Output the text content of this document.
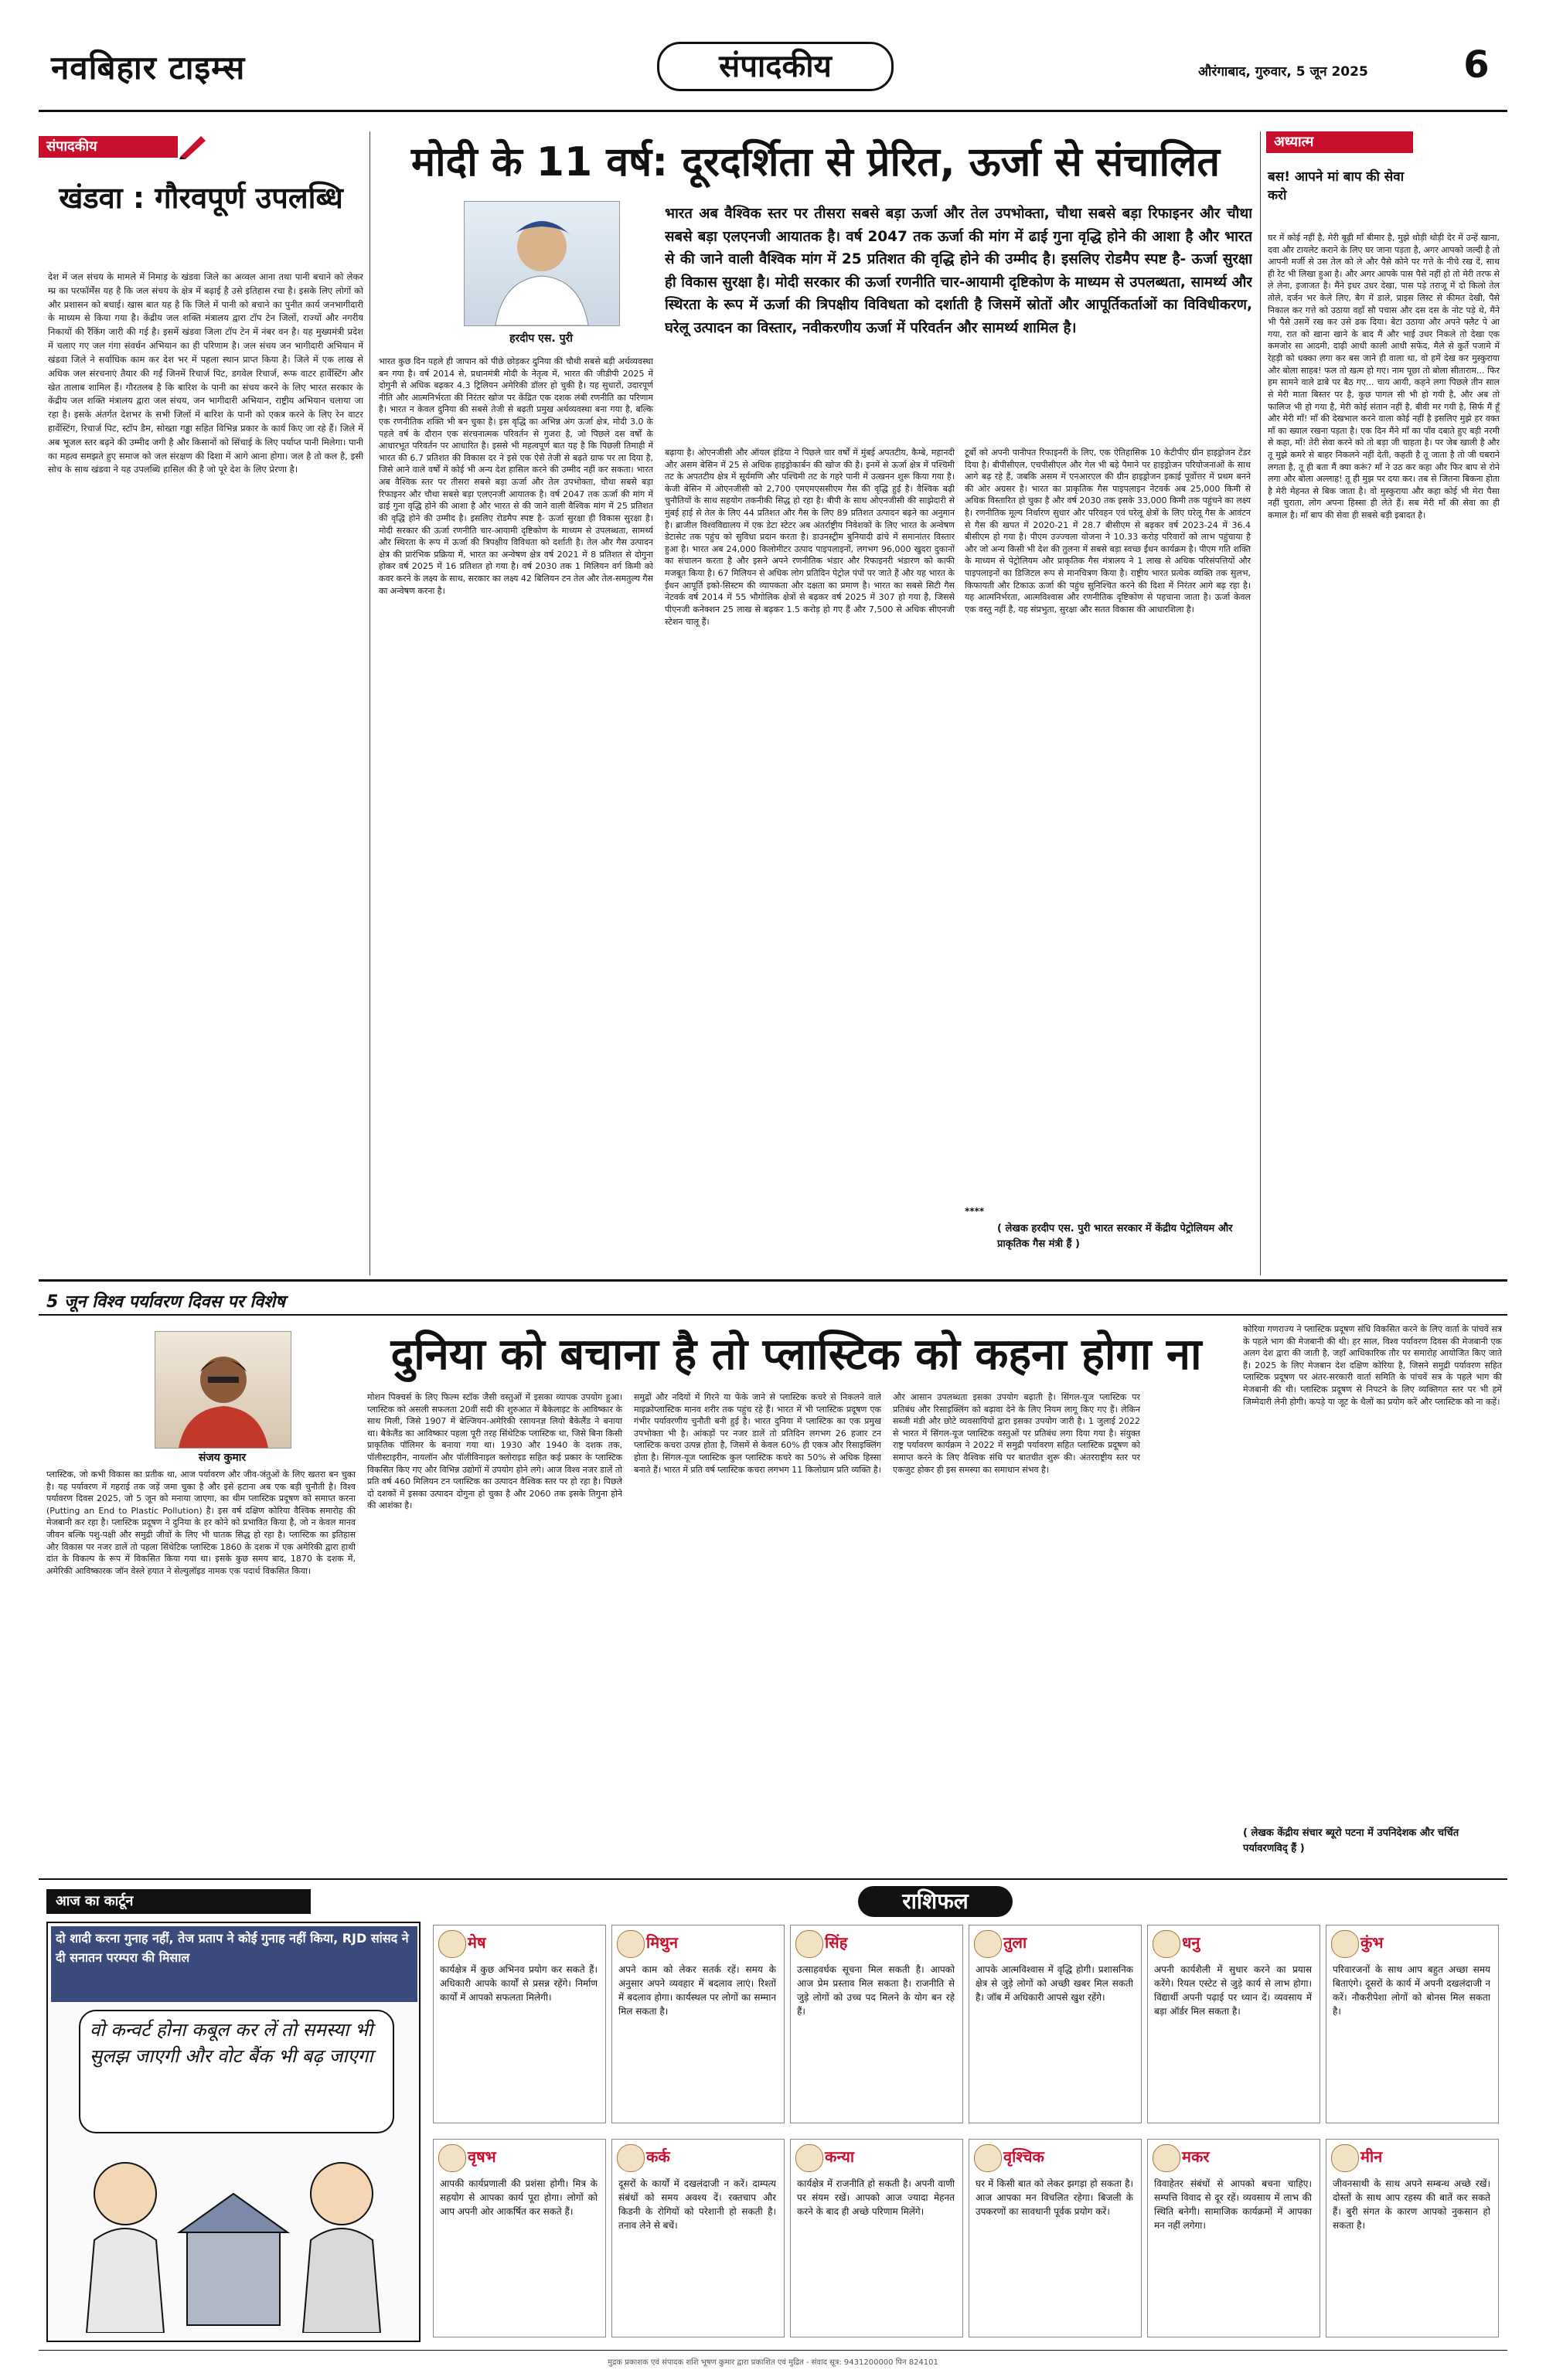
नवबिहार टाइम्स	संपादकीय	औरंगाबाद, गुरुवार, 5 जून 2025	6
संपादकीय
खंडवा : गौरवपूर्ण उपलब्धि
देश में जल संचय के मामले में निमाड़ के खंडवा जिले का अव्वल आना तथा पानी बचाने को लेकर म्प्र का परफॉर्मेंस यह है कि जल संचय के क्षेत्र में बढ़ाई है उसे इतिहास रचा है। इसके लिए लोगों को और प्रशासन को बधाई। खास बात यह है कि जिले में पानी को बचाने का पुनीत कार्य जनभागीदारी के माध्यम से किया गया है। केंद्रीय जल शक्ति मंत्रालय द्वारा टॉप टेन जिलों, राज्यों और नगरीय निकायों की रैंकिंग जारी की गई है। इसमें खंडवा जिला टॉप टेन में नंबर वन है। यह मुख्यमंत्री प्रदेश में चलाए गए जल गंगा संवर्धन अभियान का ही परिणाम है। जल संचय जन भागीदारी अभियान में खंडवा जिले ने सर्वाधिक काम कर देश भर में पहला स्थान प्राप्त किया है। जिले में एक लाख से अधिक जल संरचनाएं तैयार की गईं जिनमें रिचार्ज पिट, डगवेल रिचार्ज, रूफ वाटर हार्वेस्टिंग और खेत तालाब शामिल हैं। गौरतलब है कि बारिश के पानी का संचय करने के लिए भारत सरकार के केंद्रीय जल शक्ति मंत्रालय द्वारा जल संचय, जन भागीदारी अभियान, राष्ट्रीय अभियान चलाया जा रहा है। इसके अंतर्गत देशभर के सभी जिलों में बारिश के पानी को एकत्र करने के लिए रेन वाटर हार्वेस्टिंग, रिचार्ज पिट, स्टॉप डैम, सोख्ता गड्ढा सहित विभिन्न प्रकार के कार्य किए जा रहे हैं। जिले में अब भूजल स्तर बढ़ने की उम्मीद जगी है और किसानों को सिंचाई के लिए पर्याप्त पानी मिलेगा। पानी का महत्व समझते हुए समाज को जल संरक्षण की दिशा में आगे आना होगा। जल है तो कल है, इसी सोच के साथ खंडवा ने यह उपलब्धि हासिल की है जो पूरे देश के लिए प्रेरणा है।
मोदी के 11 वर्ष: दूरदर्शिता से प्रेरित, ऊर्जा से संचालित
हरदीप एस. पुरी
भारत अब वैश्विक स्तर पर तीसरा सबसे बड़ा ऊर्जा और तेल उपभोक्ता, चौथा सबसे बड़ा रिफाइनर और चौथा सबसे बड़ा एलएनजी आयातक है। वर्ष 2047 तक ऊर्जा की मांग में ढाई गुना वृद्धि होने की आशा है और भारत से की जाने वाली वैश्विक मांग में 25 प्रतिशत की वृद्धि होने की उम्मीद है। इसलिए रोडमैप स्पष्ट है- ऊर्जा सुरक्षा ही विकास सुरक्षा है। मोदी सरकार की ऊर्जा रणनीति चार-आयामी दृष्टिकोण के माध्यम से उपलब्धता, सामर्थ्य और स्थिरता के रूप में ऊर्जा की त्रिपक्षीय विविधता को दर्शाती है जिसमें स्रोतों और आपूर्तिकर्ताओं का विविधीकरण, घरेलू उत्पादन का विस्तार, नवीकरणीय ऊर्जा में परिवर्तन और सामर्थ्य शामिल है।
भारत कुछ दिन पहले ही जापान को पीछे छोड़कर दुनिया की चौथी सबसे बड़ी अर्थव्यवस्था बन गया है। वर्ष 2014 से, प्रधानमंत्री मोदी के नेतृत्व में, भारत की जीडीपी 2025 में दोगुनी से अधिक बढ़कर 4.3 ट्रिलियन अमेरिकी डॉलर हो चुकी है। यह सुधारों, उदारपूर्ण नीति और आत्मनिर्भरता की निरंतर खोज पर केंद्रित एक दशक लंबी रणनीति का परिणाम है। भारत न केवल दुनिया की सबसे तेजी से बढ़ती प्रमुख अर्थव्यवस्था बना गया है, बल्कि एक रणनीतिक शक्ति भी बन चुका है। इस वृद्धि का अभिन्न अंग ऊर्जा क्षेत्र, मोदी 3.0 के पहले वर्ष के दौरान एक संरचनात्मक परिवर्तन से गुजरा है, जो पिछले दस वर्षों के आधारभूत परिवर्तन पर आधारित है। इससे भी महत्वपूर्ण बात यह है कि पिछली तिमाही में भारत की 6.7 प्रतिशत की विकास दर ने इसे एक ऐसे तेजी से बढ़ते ग्राफ पर ला दिया है, जिसे आने वाले वर्षों में कोई भी अन्य देश हासिल करने की उम्मीद नहीं कर सकता। भारत अब वैश्विक स्तर पर तीसरा सबसे बड़ा ऊर्जा और तेल उपभोक्ता, चौथा सबसे बड़ा रिफाइनर और चौथा सबसे बड़ा एलएनजी आयातक है। वर्ष 2047 तक ऊर्जा की मांग में ढाई गुना वृद्धि होने की आशा है और भारत से की जाने वाली वैश्विक मांग में 25 प्रतिशत की वृद्धि होने की उम्मीद है। इसलिए रोडमैप स्पष्ट है- ऊर्जा सुरक्षा ही विकास सुरक्षा है। मोदी सरकार की ऊर्जा रणनीति चार-आयामी दृष्टिकोण के माध्यम से उपलब्धता, सामर्थ्य और स्थिरता के रूप में ऊर्जा की त्रिपक्षीय विविधता को दर्शाती है। तेल और गैस उत्पादन क्षेत्र की प्रारंभिक प्रक्रिया में, भारत का अन्वेषण क्षेत्र वर्ष 2021 में 8 प्रतिशत से दोगुना होकर वर्ष 2025 में 16 प्रतिशत हो गया है। वर्ष 2030 तक 1 मिलियन वर्ग किमी को कवर करने के लक्ष्य के साथ, सरकार का लक्ष्य 42 बिलियन टन तेल और तेल-समतुल्य गैस का अन्वेषण करना है।
बढ़ाया है। ओएनजीसी और ऑयल इंडिया ने पिछले चार वर्षों में मुंबई अपतटीय, कैम्बे, महानदी और असम बेसिन में 25 से अधिक हाइड्रोकार्बन की खोज की है। इनमें से ऊर्जा क्षेत्र में पश्चिमी तट के अपतटीय क्षेत्र में सूर्यमणि और पश्चिमी तट के गहरे पानी में उत्खनन शुरू किया गया है। केजी बेसिन में ओएनजीसी को 2,700 एमएमएससीएम गैस की वृद्धि हुई है। वैश्विक बढ़ी चुनौतियों के साथ सहयोग तकनीकी सिद्ध हो रहा है। बीपी के साथ ओएनजीसी की साझेदारी से मुंबई हाई से तेल के लिए 44 प्रतिशत और गैस के लिए 89 प्रतिशत उत्पादन बढ़ने का अनुमान है। ब्राजील विश्वविद्यालय में एक डेटा स्टेटर अब अंतर्राष्ट्रीय निवेशकों के लिए भारत के अन्वेषण डेटासेट तक पहुंच को सुविधा प्रदान करता है। डाउनस्ट्रीम बुनियादी ढांचे में समानांतर विस्तार हुआ है। भारत अब 24,000 किलोमीटर उत्पाद पाइपलाइनों, लगभग 96,000 खुदरा दुकानों का संचालन करता है और इसने अपने रणनीतिक भंडार और रिफाइनरी भंडारण को काफी मजबूत किया है। 67 मिलियन से अधिक लोग प्रतिदिन पेट्रोल पंपों पर जाते हैं और यह भारत के ईंधन आपूर्ति इको-सिस्टम की व्यापकता और दक्षता का प्रमाण है। भारत का सबसे सिटी गैस नेटवर्क वर्ष 2014 में 55 भौगोलिक क्षेत्रों से बढ़कर वर्ष 2025 में 307 हो गया है, जिससे पीएनजी कनेक्शन 25 लाख से बढ़कर 1.5 करोड़ हो गए हैं और 7,500 से अधिक सीएनजी स्टेशन चालू हैं।
टूर्बो को अपनी पानीपत रिफाइनरी के लिए, एक ऐतिहासिक 10 केटीपीए ग्रीन हाइड्रोजन टेंडर दिया है। बीपीसीएल, एचपीसीएल और गेल भी बड़े पैमाने पर हाइड्रोजन परियोजनाओं के साथ आगे बढ़ रहे हैं, जबकि असम में एनआरएल की ग्रीन हाइड्रोजन इकाई पूर्वोत्तर में प्रथम बनने की ओर अग्रसर है। भारत का प्राकृतिक गैस पाइपलाइन नेटवर्क अब 25,000 किमी से अधिक विस्तारित हो चुका है और वर्ष 2030 तक इसके 33,000 किमी तक पहुंचने का लक्ष्य है। रणनीतिक मूल्य निर्धारण सुधार और परिवहन एवं घरेलू क्षेत्रों के लिए घरेलू गैस के आवंटन से गैस की खपत में 2020-21 में 28.7 बीसीएम से बढ़कर वर्ष 2023-24 में 36.4 बीसीएम हो गया है। पीएम उज्ज्वला योजना ने 10.33 करोड़ परिवारों को लाभ पहुंचाया है और जो अन्य किसी भी देश की तुलना में सबसे बड़ा स्वच्छ ईंधन कार्यक्रम है। पीएम गति शक्ति के माध्यम से पेट्रोलियम और प्राकृतिक गैस मंत्रालय ने 1 लाख से अधिक परिसंपत्तियों और पाइपलाइनों का डिजिटल रूप से मानचित्रण किया है। राष्ट्रीय भारत प्रत्येक व्यक्ति तक सुलभ, किफायती और टिकाऊ ऊर्जा की पहुंच सुनिश्चित करने की दिशा में निरंतर आगे बढ़ रहा है। यह आत्मनिर्भरता, आत्मविश्वास और रणनीतिक दृष्टिकोण से पहचाना जाता है। ऊर्जा केवल एक वस्तु नहीं है, यह संप्रभुता, सुरक्षा और सतत विकास की आधारशिला है।
****
( लेखक हरदीप एस. पुरी भारत सरकार में केंद्रीय पेट्रोलियम और प्राकृतिक गैस मंत्री हैं )
अध्यात्म
बस! आपने मां बाप की सेवा करो
घर में कोई नहीं है, मेरी बूढ़ी माँ बीमार है, मुझे थोड़ी थोड़ी देर में उन्हें खाना, दवा और टायलेट कराने के लिए घर जाना पड़ता है, अगर आपको जल्दी है तो आपनी मर्जी से उस तेल को ले और पैसे कोने पर गत्ते के नीचे रख दें, साथ ही रेट भी लिखा हुआ है। और अगर आपके पास पैसे नहीं हो तो मेरी तरफ से ले लेना, इजाजत है। मैंने इधर उधर देखा, पास पड़े तराजू में दो किलो तेल तोले, दर्जन भर केले लिए, बैग में डाले, प्राइस लिस्ट से कीमत देखी, पैसे निकाल कर गत्ते को उठाया वहाँ सौ पचास और दस दस के नोट पड़े थे, मैंने भी पैसे उसमें रख कर उसे ढक दिया। बेटा उठाया और अपने फ्लैट पे आ गया, रात को खाना खाने के बाद मैं और भाई उधर निकले तो देखा एक कमजोर सा आदमी, दाढ़ी आधी काली आधी सफेद, मैले से कुर्ते पजामे में रेहड़ी को धक्का लगा कर बस जाने ही वाला था, वो हमें देख कर मुस्कुराया और बोला साहब! फल तो खत्म हो गए। नाम पूछा तो बोला सीताराम... फिर हम सामने वाले ढाबे पर बैठ गए... चाय आयी, कहने लगा पिछले तीन साल से मेरी माता बिस्तर पर है, कुछ पागल सी भी हो गयी है, और अब तो फालिज भी हो गया है, मेरी कोई संतान नहीं है, बीवी मर गयी है, सिर्फ मैं हूँ और मेरी माँ! माँ की देखभाल करने वाला कोई नहीं है इसलिए मुझे हर वक्त माँ का ख्याल रखना पड़ता है। एक दिन मैंने माँ का पाँव दबाते हुए बड़ी नरमी से कहा, माँ! तेरी सेवा करने को तो बड़ा जी चाहता है। पर जेब खाली है और तू मुझे कमरे से बाहर निकलने नहीं देती, कहती है तू जाता है तो जी घबराने लगता है, तू ही बता मैं क्या करूं? माँ ने उठ कर कहा और फिर बाप से रोने लगा और बोला अल्लाह! तू ही मुझ पर दया कर। तब से जितना बिकना होता है मेरी मेहनत से बिक जाता है। वो मुस्कुराया और कहा कोई भी मेरा पैसा नहीं चुराता, लोग अपना हिस्सा ही लेते हैं। सब मेरी माँ की सेवा का ही कमाल है। माँ बाप की सेवा ही सबसे बड़ी इबादत है।
5 जून विश्व पर्यावरण दिवस पर विशेष
दुनिया को बचाना है तो प्लास्टिक को कहना होगा ना
संजय कुमार
प्लास्टिक, जो कभी विकास का प्रतीक था, आज पर्यावरण और जीव-जंतुओं के लिए खतरा बन चुका है। यह पर्यावरण में गहराई तक जड़ें जमा चुका है और इसे हटाना अब एक बड़ी चुनौती है। विश्व पर्यावरण दिवस 2025, जो 5 जून को मनाया जाएगा, का थीम प्लास्टिक प्रदूषण को समाप्त करना (Putting an End to Plastic Pollution) है। इस वर्ष दक्षिण कोरिया वैश्विक समारोह की मेजबानी कर रहा है। प्लास्टिक प्रदूषण ने दुनिया के हर कोने को प्रभावित किया है, जो न केवल मानव जीवन बल्कि पशु-पक्षी और समुद्री जीवों के लिए भी घातक सिद्ध हो रहा है। प्लास्टिक का इतिहास और विकास पर नजर डालें तो पहला सिंथेटिक प्लास्टिक 1860 के दशक में एक अमेरिकी द्वारा हाथी दांत के विकल्प के रूप में विकसित किया गया था। इसके कुछ समय बाद, 1870 के दशक में, अमेरिकी आविष्कारक जॉन वेस्ले हयात ने सेल्युलॉइड नामक एक पदार्थ विकसित किया।
मोशन पिक्चर्स के लिए फिल्म स्टॉक जैसी वस्तुओं में इसका व्यापक उपयोग हुआ। प्लास्टिक को असली सफलता 20वीं सदी की शुरुआत में बैकेलाइट के आविष्कार के साथ मिली, जिसे 1907 में बेल्जियन-अमेरिकी रसायनज्ञ लियो बैकेलैंड ने बनाया था। बैकेलैंड का आविष्कार पहला पूरी तरह सिंथेटिक प्लास्टिक था, जिसे बिना किसी प्राकृतिक पॉलिमर के बनाया गया था। 1930 और 1940 के दशक तक, पॉलीस्टाइरीन, नायलॉन और पॉलीविनाइल क्लोराइड सहित कई प्रकार के प्लास्टिक विकसित किए गए और विभिन्न उद्योगों में उपयोग होने लगे। आज विश्व नजर डालें तो प्रति वर्ष 460 मिलियन टन प्लास्टिक का उत्पादन वैश्विक स्तर पर हो रहा है। पिछले दो दशकों में इसका उत्पादन दोगुना हो चुका है और 2060 तक इसके तिगुना होने की आशंका है।
समुद्रों और नदियों में गिरने या फेंके जाने से प्लास्टिक कचरे से निकलने वाले माइक्रोप्लास्टिक मानव शरीर तक पहुंच रहे हैं। भारत में भी प्लास्टिक प्रदूषण एक गंभीर पर्यावरणीय चुनौती बनी हुई है। भारत दुनिया में प्लास्टिक का एक प्रमुख उपभोक्ता भी है। आंकड़ों पर नजर डालें तो प्रतिदिन लगभग 26 हजार टन प्लास्टिक कचरा उत्पन्न होता है, जिसमें से केवल 60% ही एकत्र और रिसाइक्लिंग होता है। सिंगल-यूज प्लास्टिक कुल प्लास्टिक कचरे का 50% से अधिक हिस्सा बनाते हैं। भारत में प्रति वर्ष प्लास्टिक कचरा लगभग 11 किलोग्राम प्रति व्यक्ति है।
और आसान उपलब्धता इसका उपयोग बढ़ाती है। सिंगल-यूज प्लास्टिक पर प्रतिबंध और रिसाइक्लिंग को बढ़ावा देने के लिए नियम लागू किए गए हैं। लेकिन सब्जी मंडी और छोटे व्यवसायियों द्वारा इसका उपयोग जारी है। 1 जुलाई 2022 से भारत में सिंगल-यूज प्लास्टिक वस्तुओं पर प्रतिबंध लगा दिया गया है। संयुक्त राष्ट्र पर्यावरण कार्यक्रम ने 2022 में समुद्री पर्यावरण सहित प्लास्टिक प्रदूषण को समाप्त करने के लिए वैश्विक संधि पर बातचीत शुरू की। अंतरराष्ट्रीय स्तर पर एकजुट होकर ही इस समस्या का समाधान संभव है।
कोरिया गणराज्य ने प्लास्टिक प्रदूषण संधि विकसित करने के लिए वार्ता के पांचवें सत्र के पहले भाग की मेजबानी की थी। हर साल, विश्व पर्यावरण दिवस की मेजबानी एक अलग देश द्वारा की जाती है, जहाँ आधिकारिक तौर पर समारोह आयोजित किए जाते हैं। 2025 के लिए मेजबान देश दक्षिण कोरिया है, जिसने समुद्री पर्यावरण सहित प्लास्टिक प्रदूषण पर अंतर-सरकारी वार्ता समिति के पांचवें सत्र के पहले भाग की मेजबानी की थी। प्लास्टिक प्रदूषण से निपटने के लिए व्यक्तिगत स्तर पर भी हमें जिम्मेदारी लेनी होगी। कपड़े या जूट के थैलों का प्रयोग करें और प्लास्टिक को ना कहें।
( लेखक केंद्रीय संचार ब्यूरो पटना में उपनिदेशक और चर्चित पर्यावरणविद् हैं )
आज का कार्टून
दो शादी करना गुनाह नहीं, तेज प्रताप ने कोई गुनाह नहीं किया, RJD सांसद ने दी सनातन परम्परा की मिसाल
वो कन्वर्ट होना कबूल कर लें तो समस्या भी सुलझ जाएगी और वोट बैंक भी बढ़ जाएगा
राशिफल
मेष
कार्यक्षेत्र में कुछ अभिनव प्रयोग कर सकते हैं। अधिकारी आपके कार्यों से प्रसन्न रहेंगे। निर्माण कार्यों में आपको सफलता मिलेगी।
मिथुन
अपने काम को लेकर सतर्क रहें। समय के अनुसार अपने व्यवहार में बदलाव लाएं। रिश्तों में बदलाव होगा। कार्यस्थल पर लोगों का सम्मान मिल सकता है।
सिंह
उत्साहवर्धक सूचना मिल सकती है। आपको आज प्रेम प्रस्ताव मिल सकता है। राजनीति से जुड़े लोगों को उच्च पद मिलने के योग बन रहे हैं।
तुला
आपके आत्मविश्वास में वृद्धि होगी। प्रशासनिक क्षेत्र से जुड़े लोगों को अच्छी खबर मिल सकती है। जॉब में अधिकारी आपसे खुश रहेंगे।
धनु
अपनी कार्यशैली में सुधार करने का प्रयास करेंगे। रियल एस्टेट से जुड़े कार्य से लाभ होगा। विद्यार्थी अपनी पढ़ाई पर ध्यान दें। व्यवसाय में बड़ा ऑर्डर मिल सकता है।
कुंभ
परिवारजनों के साथ आप बहुत अच्छा समय बिताएंगे। दूसरों के कार्य में अपनी दखलंदाजी न करें। नौकरीपेशा लोगों को बोनस मिल सकता है।
वृषभ
आपकी कार्यप्रणाली की प्रशंसा होगी। मित्र के सहयोग से आपका कार्य पूरा होगा। लोगों को आप अपनी ओर आकर्षित कर सकते हैं।
कर्क
दूसरों के कार्यों में दखलंदाजी न करें। दाम्पत्य संबंधों को समय अवश्य दें। रक्तचाप और किडनी के रोगियों को परेशानी हो सकती है। तनाव लेने से बचें।
कन्या
कार्यक्षेत्र में राजनीति हो सकती है। अपनी वाणी पर संयम रखें। आपको आज ज्यादा मेहनत करने के बाद ही अच्छे परिणाम मिलेंगे।
वृश्चिक
घर में किसी बात को लेकर झगड़ा हो सकता है। आज आपका मन विचलित रहेगा। बिजली के उपकरणों का सावधानी पूर्वक प्रयोग करें।
मकर
विवाहेतर संबंधों से आपको बचना चाहिए। सम्पत्ति विवाद से दूर रहें। व्यवसाय में लाभ की स्थिति बनेगी। सामाजिक कार्यक्रमों में आपका मन नहीं लगेगा।
मीन
जीवनसाथी के साथ अपने सम्बन्ध अच्छे रखें। दोस्तों के साथ आप रहस्य की बातें कर सकते हैं। बुरी संगत के कारण आपको नुकसान हो सकता है।
मुद्रक प्रकाशक एवं संपादक शशि भूषण कुमार द्वारा प्रकाशित एवं मुद्रित - संवाद सूत्र: 9431200000 पिन 824101
